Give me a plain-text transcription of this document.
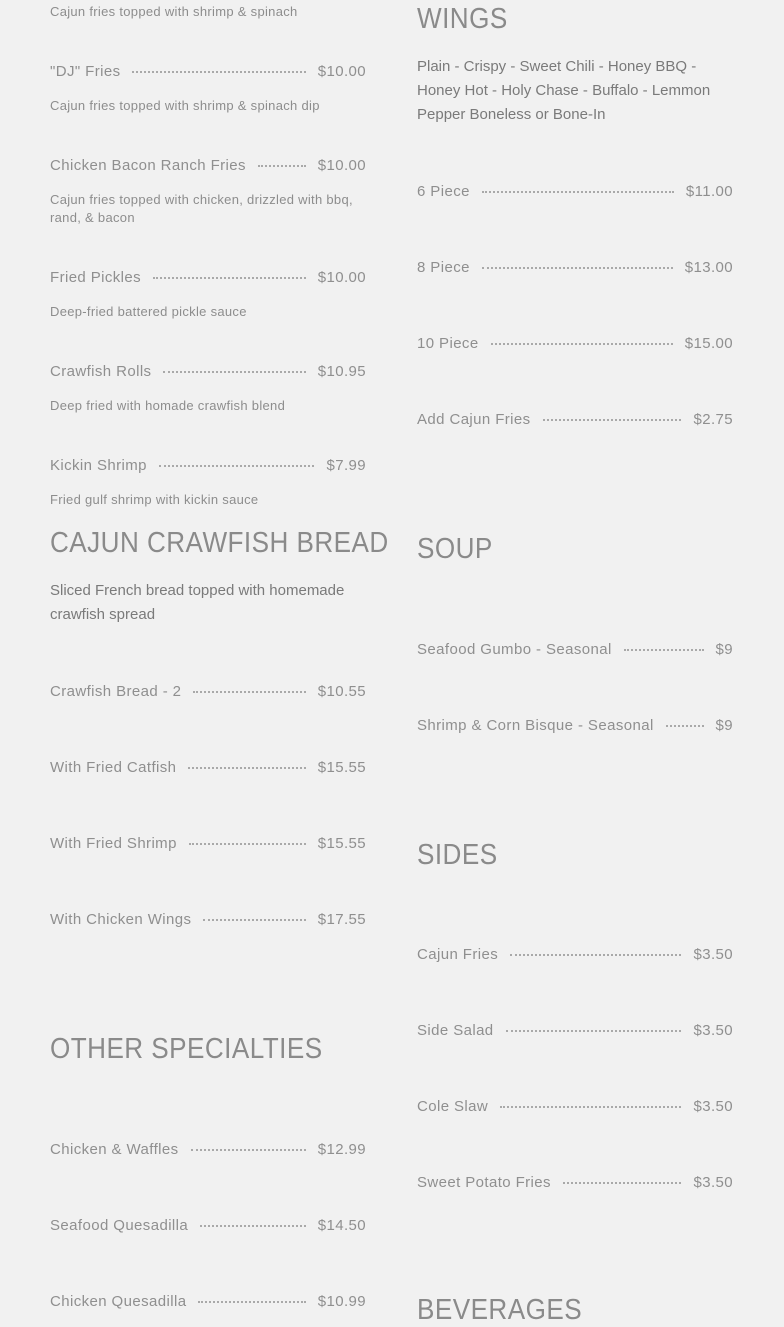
Cajun fries topped with shrimp & spinach
"DJ" Fries	$10.00
Cajun fries topped with shrimp & spinach dip
Chicken Bacon Ranch Fries	$10.00
Cajun fries topped with chicken, drizzled with bbq, rand, & bacon
Fried Pickles	$10.00
Deep-fried battered pickle sauce
Crawfish Rolls	$10.95
Deep fried with homade crawfish blend
Kickin Shrimp	$7.99
Fried gulf shrimp with kickin sauce
CAJUN CRAWFISH BREAD
Sliced French bread topped with homemade crawfish spread
Crawfish Bread - 2	$10.55
With Fried Catfish	$15.55
With Fried Shrimp	$15.55
With Chicken Wings	$17.55
OTHER SPECIALTIES
Chicken & Waffles	$12.99
Seafood Quesadilla	$14.50
Chicken Quesadilla	$10.99
WINGS
Plain - Crispy - Sweet Chili - Honey BBQ - Honey Hot - Holy Chase - Buffalo - Lemmon Pepper Boneless or Bone-In
6 Piece	$11.00
8 Piece	$13.00
10 Piece	$15.00
Add Cajun Fries	$2.75
SOUP
Seafood Gumbo - Seasonal	$9
Shrimp & Corn Bisque - Seasonal	$9
SIDES
Cajun Fries	$3.50
Side Salad	$3.50
Cole Slaw	$3.50
Sweet Potato Fries	$3.50
BEVERAGES
